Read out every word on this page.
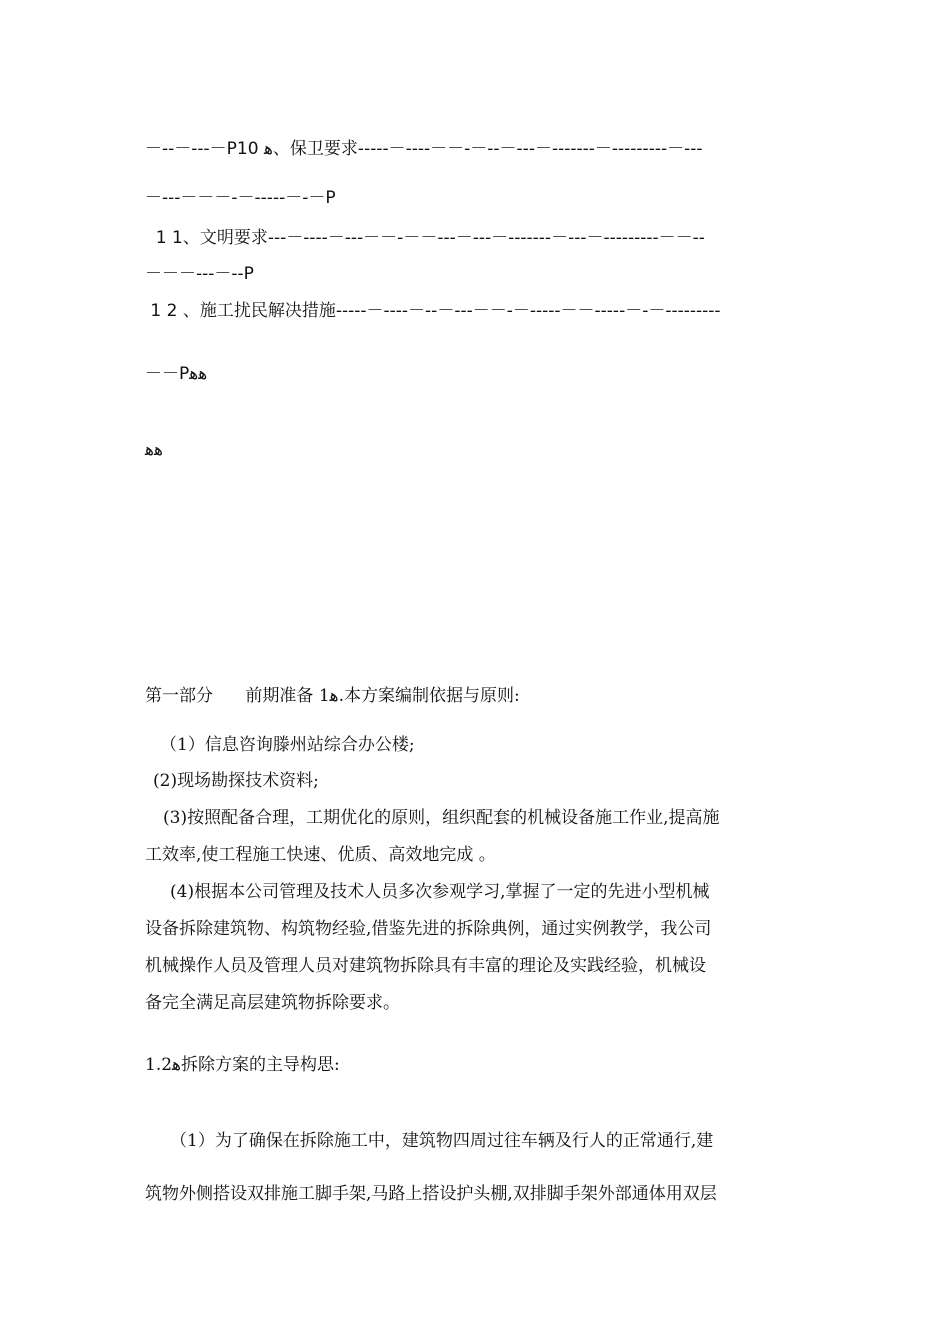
－--－---－P10 ﻫ、保卫要求-----－----－－-－--－---－-------－---------－---
－---－－－-－-----－-－P
1 1、文明要求---－----－---－－-－－---－---－-------－---－---------－－--
－－－---－--P
1 2 、施工扰民解决措施-----－----－--－---－－-－-----－－-----－-－---------
－－Pﻫﻫ
ﻫﻫ
第一部分      前期准备 1ﻫ.本方案编制依据与原则:
（1）信息咨询滕州站综合办公楼;
(2)现场勘探技术资料;
(3)按照配备合理，工期优化的原则，组织配套的机械设备施工作业,提高施
工效率,使工程施工快速、优质、高效地完成 。
(4)根据本公司管理及技术人员多次参观学习,掌握了一定的先进小型机械
设备拆除建筑物、构筑物经验,借鉴先进的拆除典例，通过实例教学，我公司
机械操作人员及管理人员对建筑物拆除具有丰富的理论及实践经验，机械设
备完全满足高层建筑物拆除要求。
1.2ﻫ拆除方案的主导构思:
（1）为了确保在拆除施工中，建筑物四周过往车辆及行人的正常通行,建
筑物外侧搭设双排施工脚手架,马路上搭设护头棚,双排脚手架外部通体用双层
